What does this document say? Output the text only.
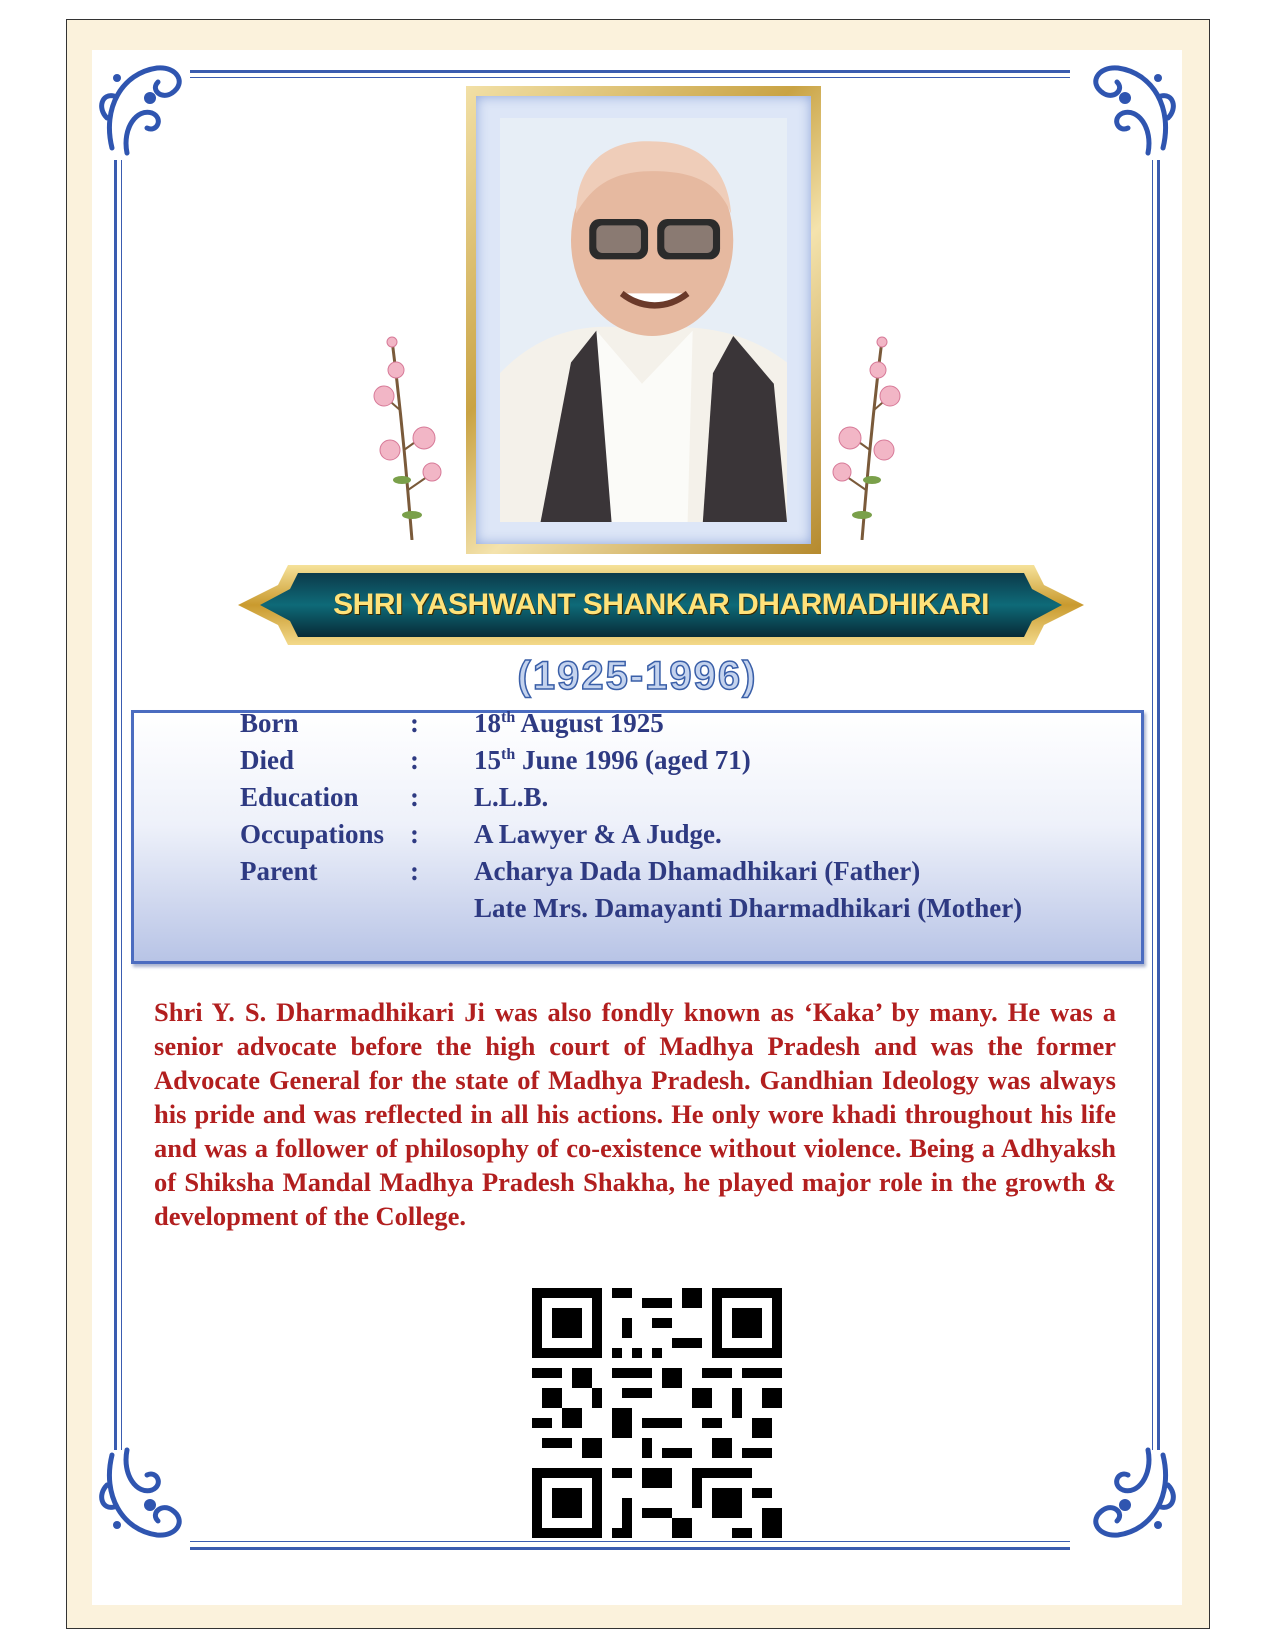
SHRI YASHWANT SHANKAR DHARMADHIKARI
(1925-1996)
Born	: 18th August 1925
Died	: 15th June 1996 (aged 71)
Education : L.L.B.
Occupations : A Lawyer & A Judge.
Parent	: Acharya Dada Dhamadhikari (Father)
Late Mrs. Damayanti Dharmadhikari (Mother)
Shri Y. S. Dharmadhikari Ji was also fondly known as ‘Kaka’ by many. He was a senior advocate before the high court of Madhya Pradesh and was the former Advocate General for the state of Madhya Pradesh. Gandhian Ideology was always his pride and was reflected in all his actions. He only wore khadi throughout his life and was a follower of philosophy of co-existence without violence. Being a Adhyaksh of Shiksha Mandal Madhya Pradesh Shakha, he played major role in the growth & development of the College.
